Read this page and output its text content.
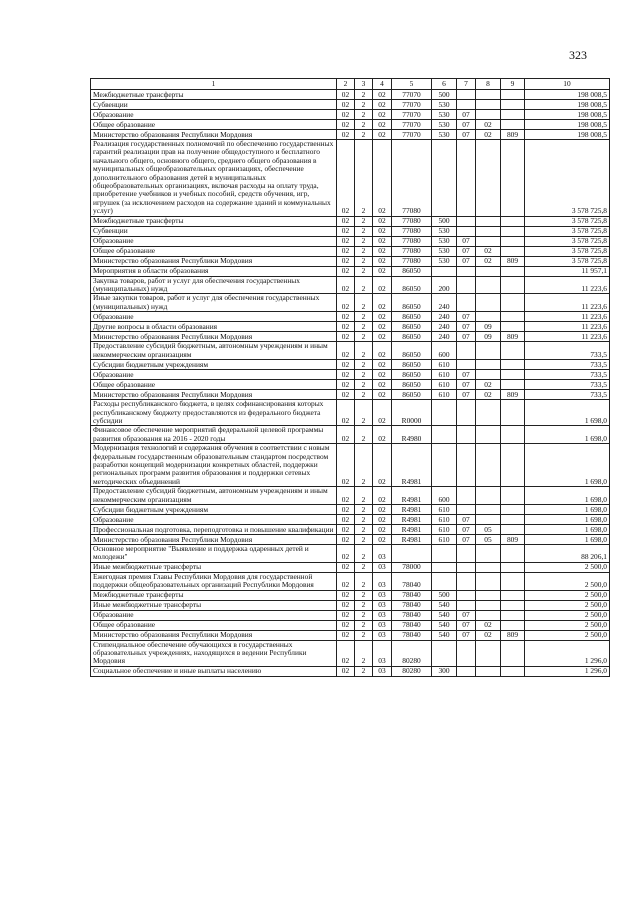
323
1	2	3	4	5	6	7	8	9	10
Межбюджетные трансферты	02	2	02	77070	500				198 008,5
Субвенции	02	2	02	77070	530				198 008,5
Образование	02	2	02	77070	530	07			198 008,5
Общее образование	02	2	02	77070	530	07	02		198 008,5
Министерство образования Республики Мордовия	02	2	02	77070	530	07	02	809	198 008,5
Реализация государственных полномочий по обеспечению государственных гарантий реализации прав на получение общедоступного и бесплатного начального общего, основного общего, среднего общего образования в муниципальных общеобразовательных организациях, обеспечение дополнительного образования детей в муниципальных общеобразовательных организациях, включая расходы на оплату труда, приобретение учебников и учебных пособий, средств обучения, игр, игрушек (за исключением расходов на содержание зданий и коммунальных услуг)	02	2	02	77080					3 578 725,8
Межбюджетные трансферты	02	2	02	77080	500				3 578 725,8
Субвенции	02	2	02	77080	530				3 578 725,8
Образование	02	2	02	77080	530	07			3 578 725,8
Общее образование	02	2	02	77080	530	07	02		3 578 725,8
Министерство образования Республики Мордовия	02	2	02	77080	530	07	02	809	3 578 725,8
Мероприятия в области образования	02	2	02	86050					11 957,1
Закупка товаров, работ и услуг для обеспечения государственных (муниципальных) нужд	02	2	02	86050	200				11 223,6
Иные закупки товаров, работ и услуг для обеспечения государственных (муниципальных) нужд	02	2	02	86050	240				11 223,6
Образование	02	2	02	86050	240	07			11 223,6
Другие вопросы в области образования	02	2	02	86050	240	07	09		11 223,6
Министерство образования Республики Мордовия	02	2	02	86050	240	07	09	809	11 223,6
Предоставление субсидий бюджетным, автономным учреждениям и иным некоммерческим организациям	02	2	02	86050	600				733,5
Субсидии бюджетным учреждениям	02	2	02	86050	610				733,5
Образование	02	2	02	86050	610	07			733,5
Общее образование	02	2	02	86050	610	07	02		733,5
Министерство образования Республики Мордовия	02	2	02	86050	610	07	02	809	733,5
Расходы республиканского бюджета, в целях софинансирования которых республиканскому бюджету предоставляются из федерального бюджета субсидии	02	2	02	R0000					1 698,0
Финансовое обеспечение мероприятий федеральной целевой программы развития образования на 2016 - 2020 годы	02	2	02	R4980					1 698,0
Модернизация технологий и содержания обучения в соответствии с новым федеральным государственным образовательным стандартом посредством разработки концепций модернизации конкретных областей, поддержки региональных программ развития образования и поддержки сетевых методических объединений	02	2	02	R4981					1 698,0
Предоставление субсидий бюджетным, автономным учреждениям и иным некоммерческим организациям	02	2	02	R4981	600				1 698,0
Субсидии бюджетным учреждениям	02	2	02	R4981	610				1 698,0
Образование	02	2	02	R4981	610	07			1 698,0
Профессиональная подготовка, переподготовка и повышение квалификации	02	2	02	R4981	610	07	05		1 698,0
Министерство образования Республики Мордовия	02	2	02	R4981	610	07	05	809	1 698,0
Основное мероприятие "Выявление и поддержка одаренных детей и молодежи"	02	2	03						88 206,1
Иные межбюджетные трансферты	02	2	03	78000					2 500,0
Ежегодная премия Главы Республики Мордовия для государственной поддержки общеобразовательных организаций Республики Мордовия	02	2	03	78040					2 500,0
Межбюджетные трансферты	02	2	03	78040	500				2 500,0
Иные межбюджетные трансферты	02	2	03	78040	540				2 500,0
Образование	02	2	03	78040	540	07			2 500,0
Общее образование	02	2	03	78040	540	07	02		2 500,0
Министерство образования Республики Мордовия	02	2	03	78040	540	07	02	809	2 500,0
Стипендиальное обеспечение обучающихся в государственных образовательных учреждениях, находящихся в ведении Республики Мордовия	02	2	03	80280					1 296,0
Социальное обеспечение и иные выплаты населению	02	2	03	80280	300				1 296,0
